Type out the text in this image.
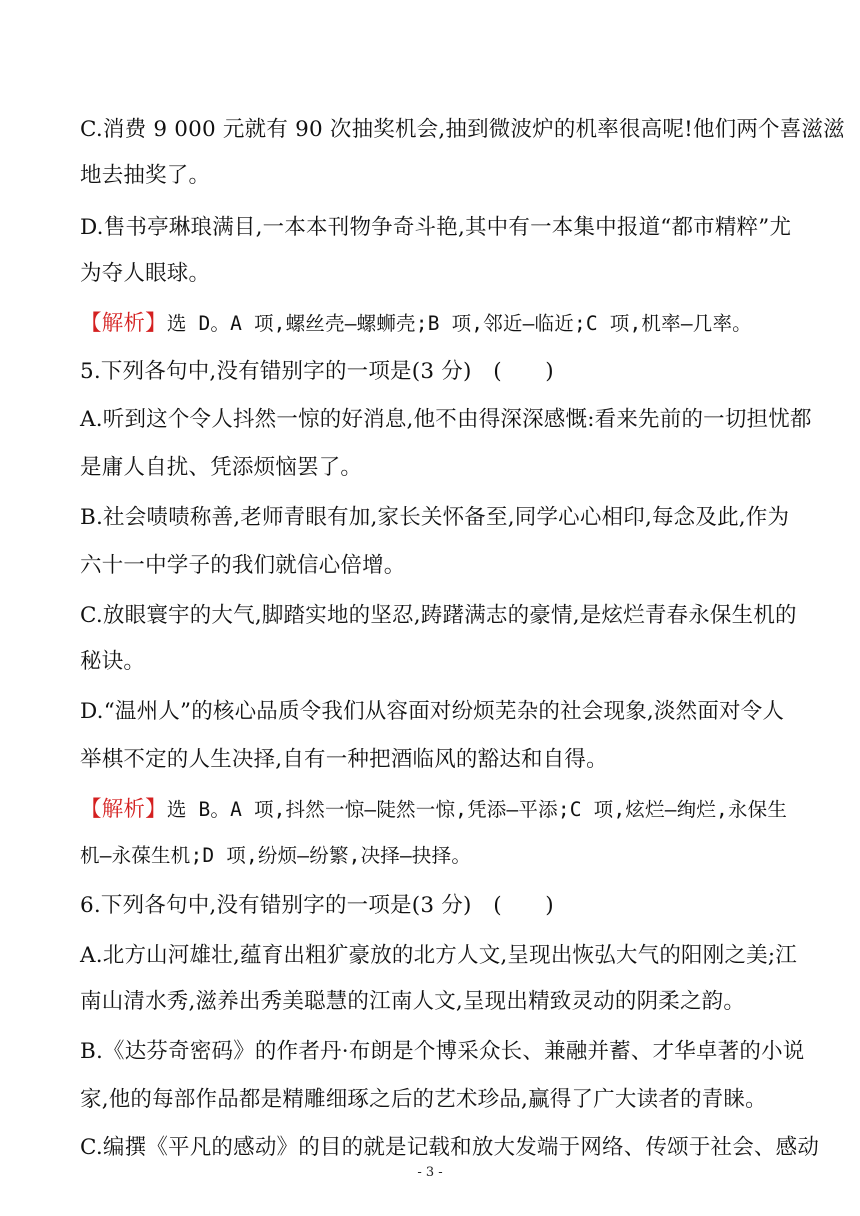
C.消费 9 000 元就有 90 次抽奖机会,抽到微波炉的机率很高呢!他们两个喜滋滋
地去抽奖了。
D.售书亭琳琅满目,一本本刊物争奇斗艳,其中有一本集中报道“都市精粹”尤
为夺人眼球。
【解析】选 D。A 项,螺丝壳—螺蛳壳;B 项,邻近—临近;C 项,机率—几率。
5.下列各句中,没有错别字的一项是(3 分)　(　　)
A.听到这个令人抖然一惊的好消息,他不由得深深感慨:看来先前的一切担忧都
是庸人自扰、凭添烦恼罢了。
B.社会啧啧称善,老师青眼有加,家长关怀备至,同学心心相印,每念及此,作为
六十一中学子的我们就信心倍增。
C.放眼寰宇的大气,脚踏实地的坚忍,踌躇满志的豪情,是炫烂青春永保生机的
秘诀。
D.“温州人”的核心品质令我们从容面对纷烦芜杂的社会现象,淡然面对令人
举棋不定的人生决择,自有一种把酒临风的豁达和自得。
【解析】选 B。A 项,抖然一惊—陡然一惊,凭添—平添;C 项,炫烂—绚烂,永保生
机—永葆生机;D 项,纷烦—纷繁,决择—抉择。
6.下列各句中,没有错别字的一项是(3 分)　(　　)
A.北方山河雄壮,蕴育出粗犷豪放的北方人文,呈现出恢弘大气的阳刚之美;江
南山清水秀,滋养出秀美聪慧的江南人文,呈现出精致灵动的阴柔之韵。
B.《达芬奇密码》的作者丹·布朗是个博采众长、兼融并蓄、才华卓著的小说
家,他的每部作品都是精雕细琢之后的艺术珍品,赢得了广大读者的青睐。
C.编撰《平凡的感动》的目的就是记载和放大发端于网络、传颂于社会、感动
- 3 -
